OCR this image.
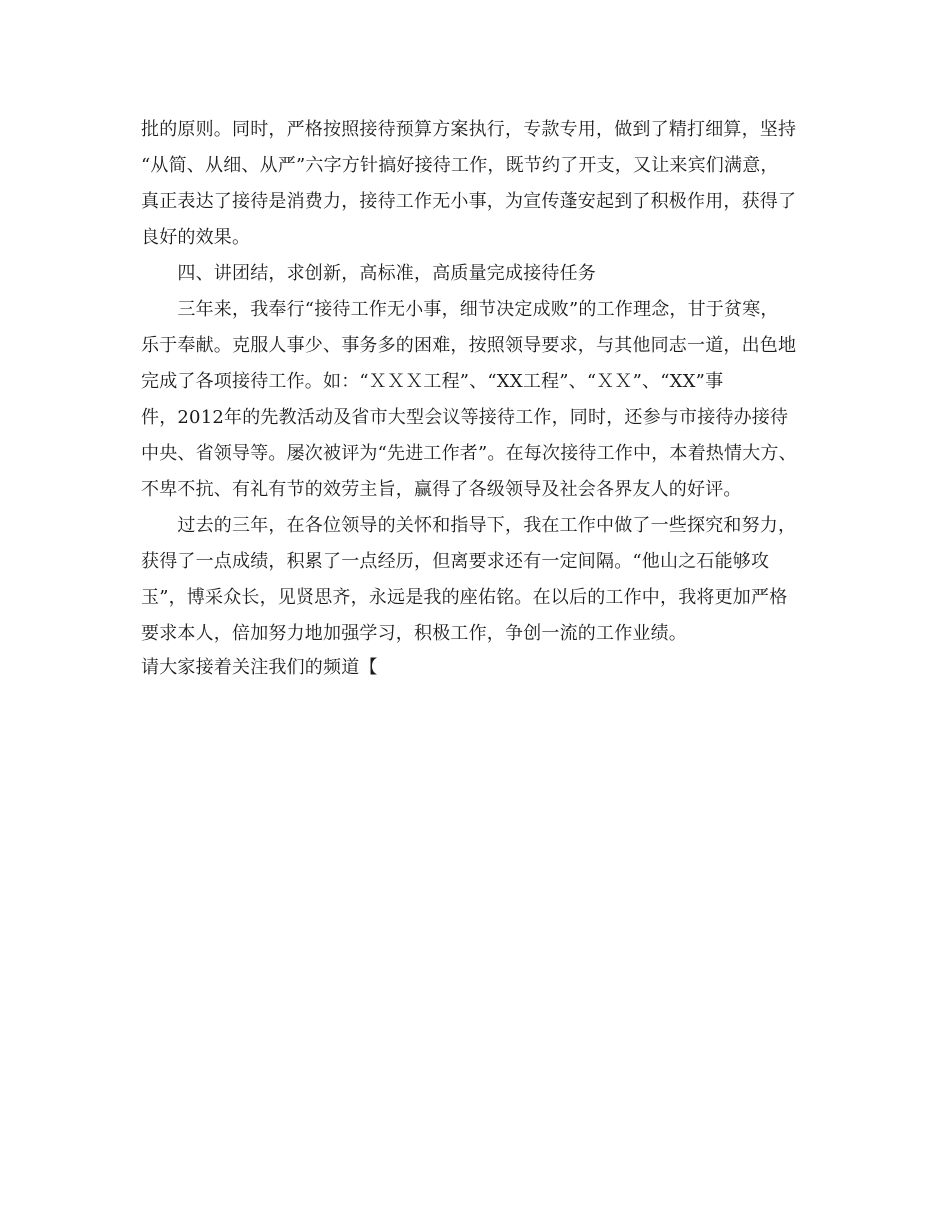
批的原则。同时，严格按照接待预算方案执行，专款专用，做到了精打细算，坚持
“从简、从细、从严”六字方针搞好接待工作，既节约了开支，又让来宾们满意，
真正表达了接待是消费力，接待工作无小事，为宣传蓬安起到了积极作用，获得了
良好的效果。
　　四、讲团结，求创新，高标准，高质量完成接待任务
　　三年来，我奉行“接待工作无小事，细节决定成败”的工作理念，甘于贫寒，
乐于奉献。克服人事少、事务多的困难，按照领导要求，与其他同志一道，出色地
完成了各项接待工作。如：“ＸＸＸ工程”、“XX工程”、“ＸＸ”、“XX”事
件，2012年的先教活动及省市大型会议等接待工作，同时，还参与市接待办接待
中央、省领导等。屡次被评为“先进工作者”。在每次接待工作中，本着热情大方、
不卑不抗、有礼有节的效劳主旨，赢得了各级领导及社会各界友人的好评。
　　过去的三年，在各位领导的关怀和指导下，我在工作中做了一些探究和努力，
获得了一点成绩，积累了一点经历，但离要求还有一定间隔。“他山之石能够攻
玉”，博采众长，见贤思齐，永远是我的座佑铭。在以后的工作中，我将更加严格
要求本人，倍加努力地加强学习，积极工作，争创一流的工作业绩。
请大家接着关注我们的频道【
